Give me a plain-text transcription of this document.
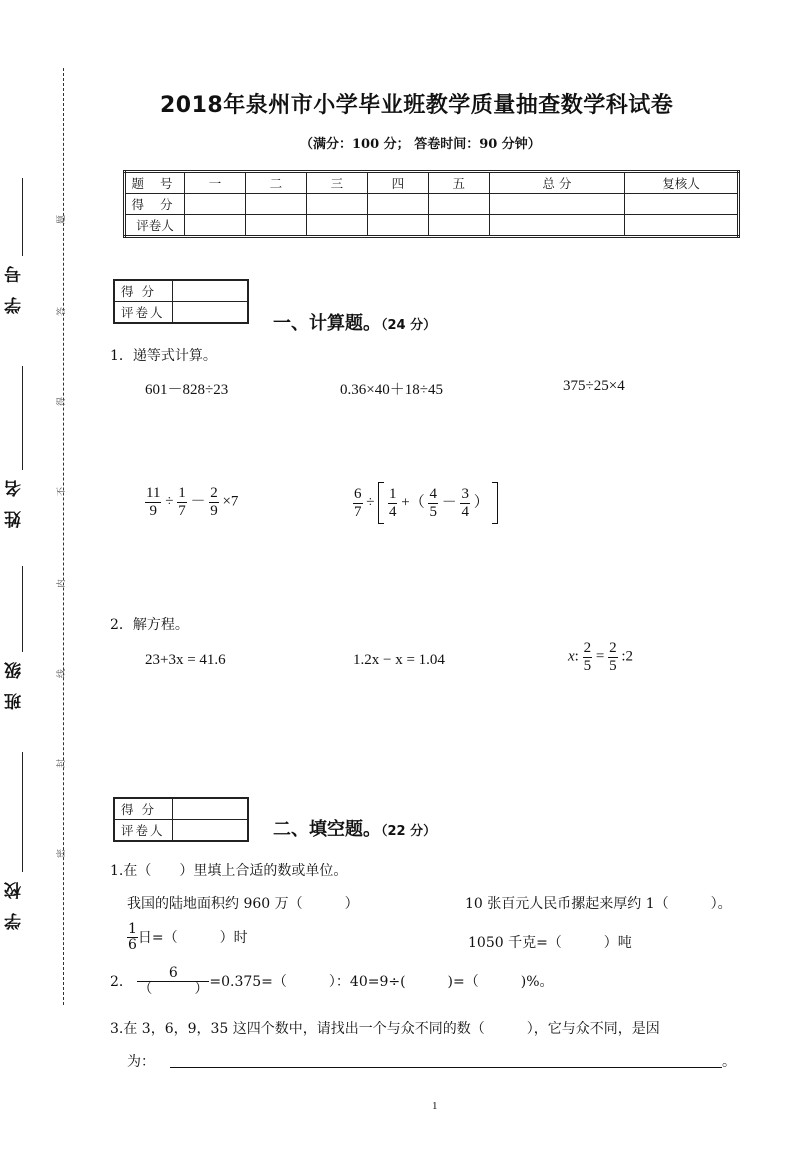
学 号
姓 名
班 级
学 校
题
答
得
不
内
线
封
密
2018年泉州市小学毕业班教学质量抽查数学科试卷
（满分：100 分； 答卷时间：90 分钟）
题 号	一	二	三	四	五	总 分	复核人
得 分							
评卷人							
得 分	
评卷人	
一、计算题。（24 分）
1．递等式计算。
601－828÷23	0.36×40＋18÷45	375÷25×4
$\frac{11}{9} \div \frac{1}{7} - \frac{2}{9} \times 7$	$\frac{6}{7} \div \frac{1}{4}$ +（ $\frac{4}{5} - \frac{3}{4}$ ）
2．解方程。
23+3x = 41.6	1.2x − x = 1.04	x: $\frac{2}{5} = \frac{2}{5}$ :2
得 分	
评卷人		二、填空题。（22 分）
1.在（　　）里填上合适的数或单位。
我国的陆地面积约 960 万（　　　）	10 张百元人民币摞起来厚约 1（　　　）。
$\frac{1}{6}$ 日=（　　　）时	1050 千克=（　　　）吨
2． $\frac{6}{( )} =0.375=$（　　　）：40=9÷(　　　)=（　　　)%。
3.在 3，6，9，35 这四个数中，请找出一个与众不同的数（　　　），它与众不同，是因
为：	。
1
